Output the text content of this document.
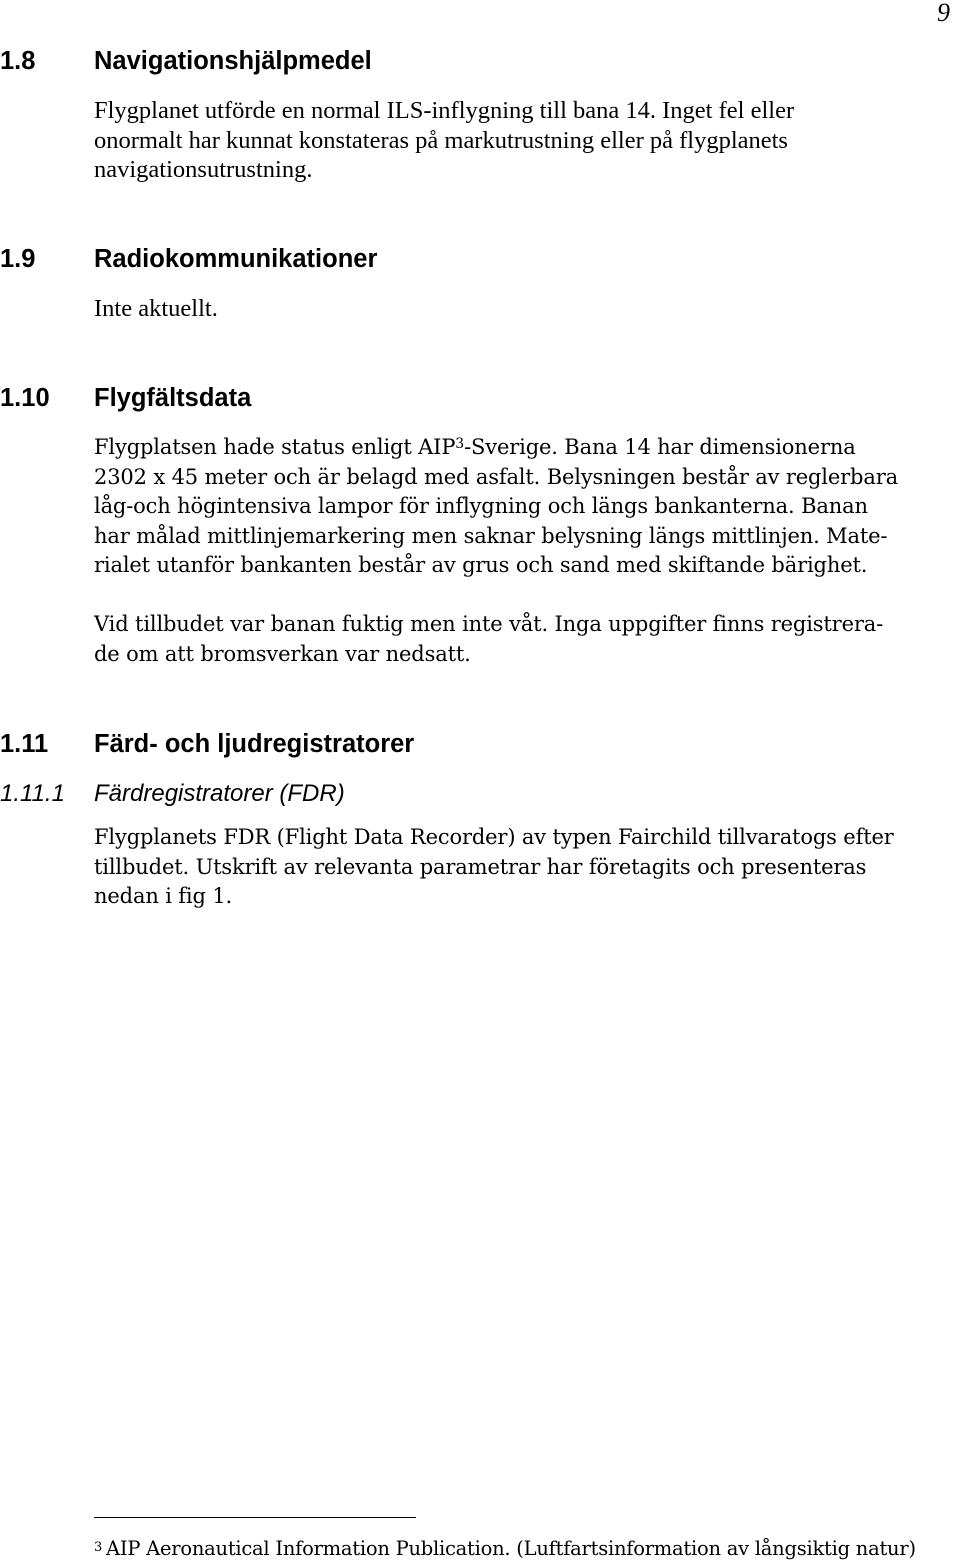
9
1.8 Navigationshjälpmedel
Flygplanet utförde en normal ILS-inflygning till bana 14. Inget fel eller
onormalt har kunnat konstateras på markutrustning eller på flygplanets
navigationsutrustning.
1.9 Radiokommunikationer
Inte aktuellt.
1.10 Flygfältsdata
Flygplatsen hade status enligt AIP$^3$-Sverige. Bana 14 har dimensionerna
2302 x 45 meter och är belagd med asfalt. Belysningen består av reglerbara
låg-och högintensiva lampor för inflygning och längs bankanterna. Banan
har målad mittlinjemarkering men saknar belysning längs mittlinjen. Mate-
rialet utanför bankanten består av grus och sand med skiftande bärighet.
Vid tillbudet var banan fuktig men inte våt. Inga uppgifter finns registrera-
de om att bromsverkan var nedsatt.
1.11 Färd- och ljudregistratorer
1.11.1 Färdregistratorer (FDR)
Flygplanets FDR (Flight Data Recorder) av typen Fairchild tillvaratogs efter
tillbudet. Utskrift av relevanta parametrar har företagits och presenteras
nedan i fig 1.
$^3$ AIP Aeronautical Information Publication. (Luftfartsinformation av långsiktig natur)
